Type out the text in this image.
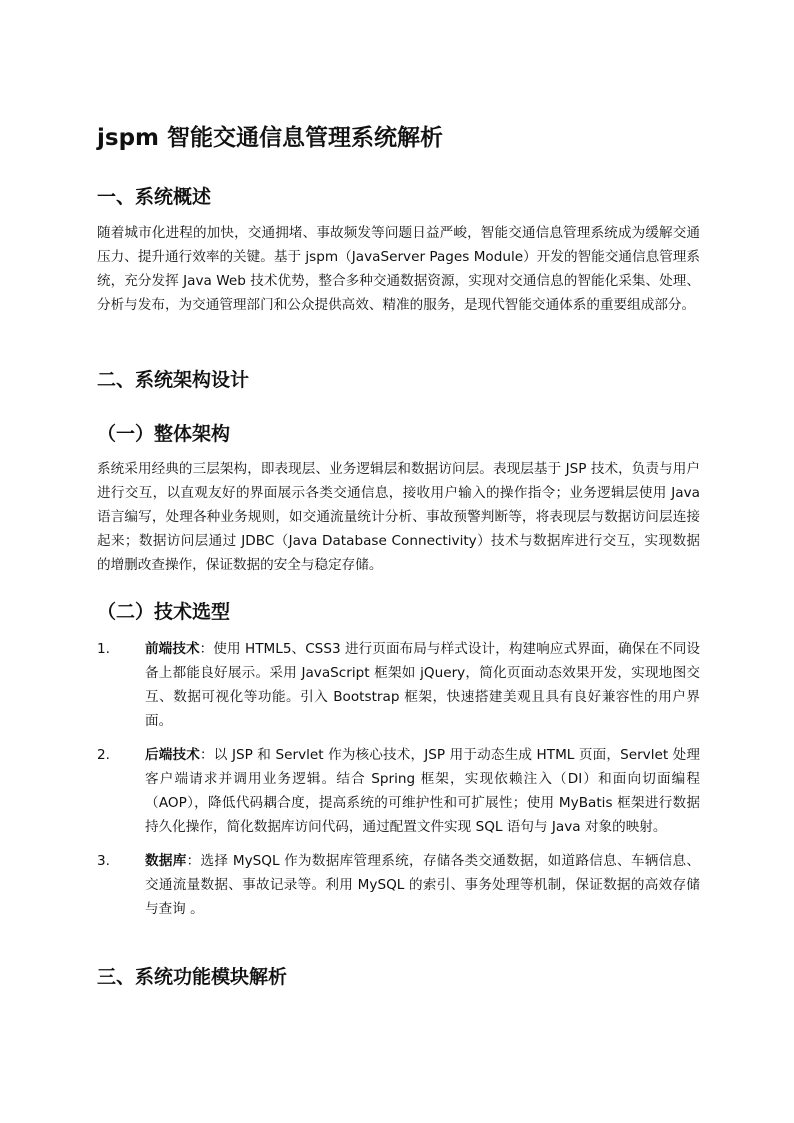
jspm 智能交通信息管理系统解析
一、系统概述

随着城市化进程的加快，交通拥堵、事故频发等问题日益严峻，智能交通信息管理系统成为缓解交通压力、提升通行效率的关键。基于 jspm（JavaServer Pages Module）开发的智能交通信息管理系统，充分发挥 Java Web 技术优势，整合多种交通数据资源，实现对交通信息的智能化采集、处理、分析与发布，为交通管理部门和公众提供高效、精准的服务，是现代智能交通体系的重要组成部分。

二、系统架构设计
（一）整体架构

系统采用经典的三层架构，即表现层、业务逻辑层和数据访问层。表现层基于 JSP 技术，负责与用户进行交互，以直观友好的界面展示各类交通信息，接收用户输入的操作指令；业务逻辑层使用 Java 语言编写，处理各种业务规则，如交通流量统计分析、事故预警判断等，将表现层与数据访问层连接起来；数据访问层通过 JDBC（Java Database Connectivity）技术与数据库进行交互，实现数据的增删改查操作，保证数据的安全与稳定存储。

（二）技术选型
1.	前端技术：使用 HTML5、CSS3 进行页面布局与样式设计，构建响应式界面，确保在不同设备上都能良好展示。采用 JavaScript 框架如 jQuery，简化页面动态效果开发，实现地图交互、数据可视化等功能。引入 Bootstrap 框架，快速搭建美观且具有良好兼容性的用户界面。
2.	后端技术：以 JSP 和 Servlet 作为核心技术，JSP 用于动态生成 HTML 页面，Servlet 处理客户端请求并调用业务逻辑。结合 Spring 框架，实现依赖注入（DI）和面向切面编程（AOP），降低代码耦合度，提高系统的可维护性和可扩展性；使用 MyBatis 框架进行数据持久化操作，简化数据库访问代码，通过配置文件实现 SQL 语句与 Java 对象的映射。
3.	数据库：选择 MySQL 作为数据库管理系统，存储各类交通数据，如道路信息、车辆信息、交通流量数据、事故记录等。利用 MySQL 的索引、事务处理等机制，保证数据的高效存储与查询 。
三、系统功能模块解析
